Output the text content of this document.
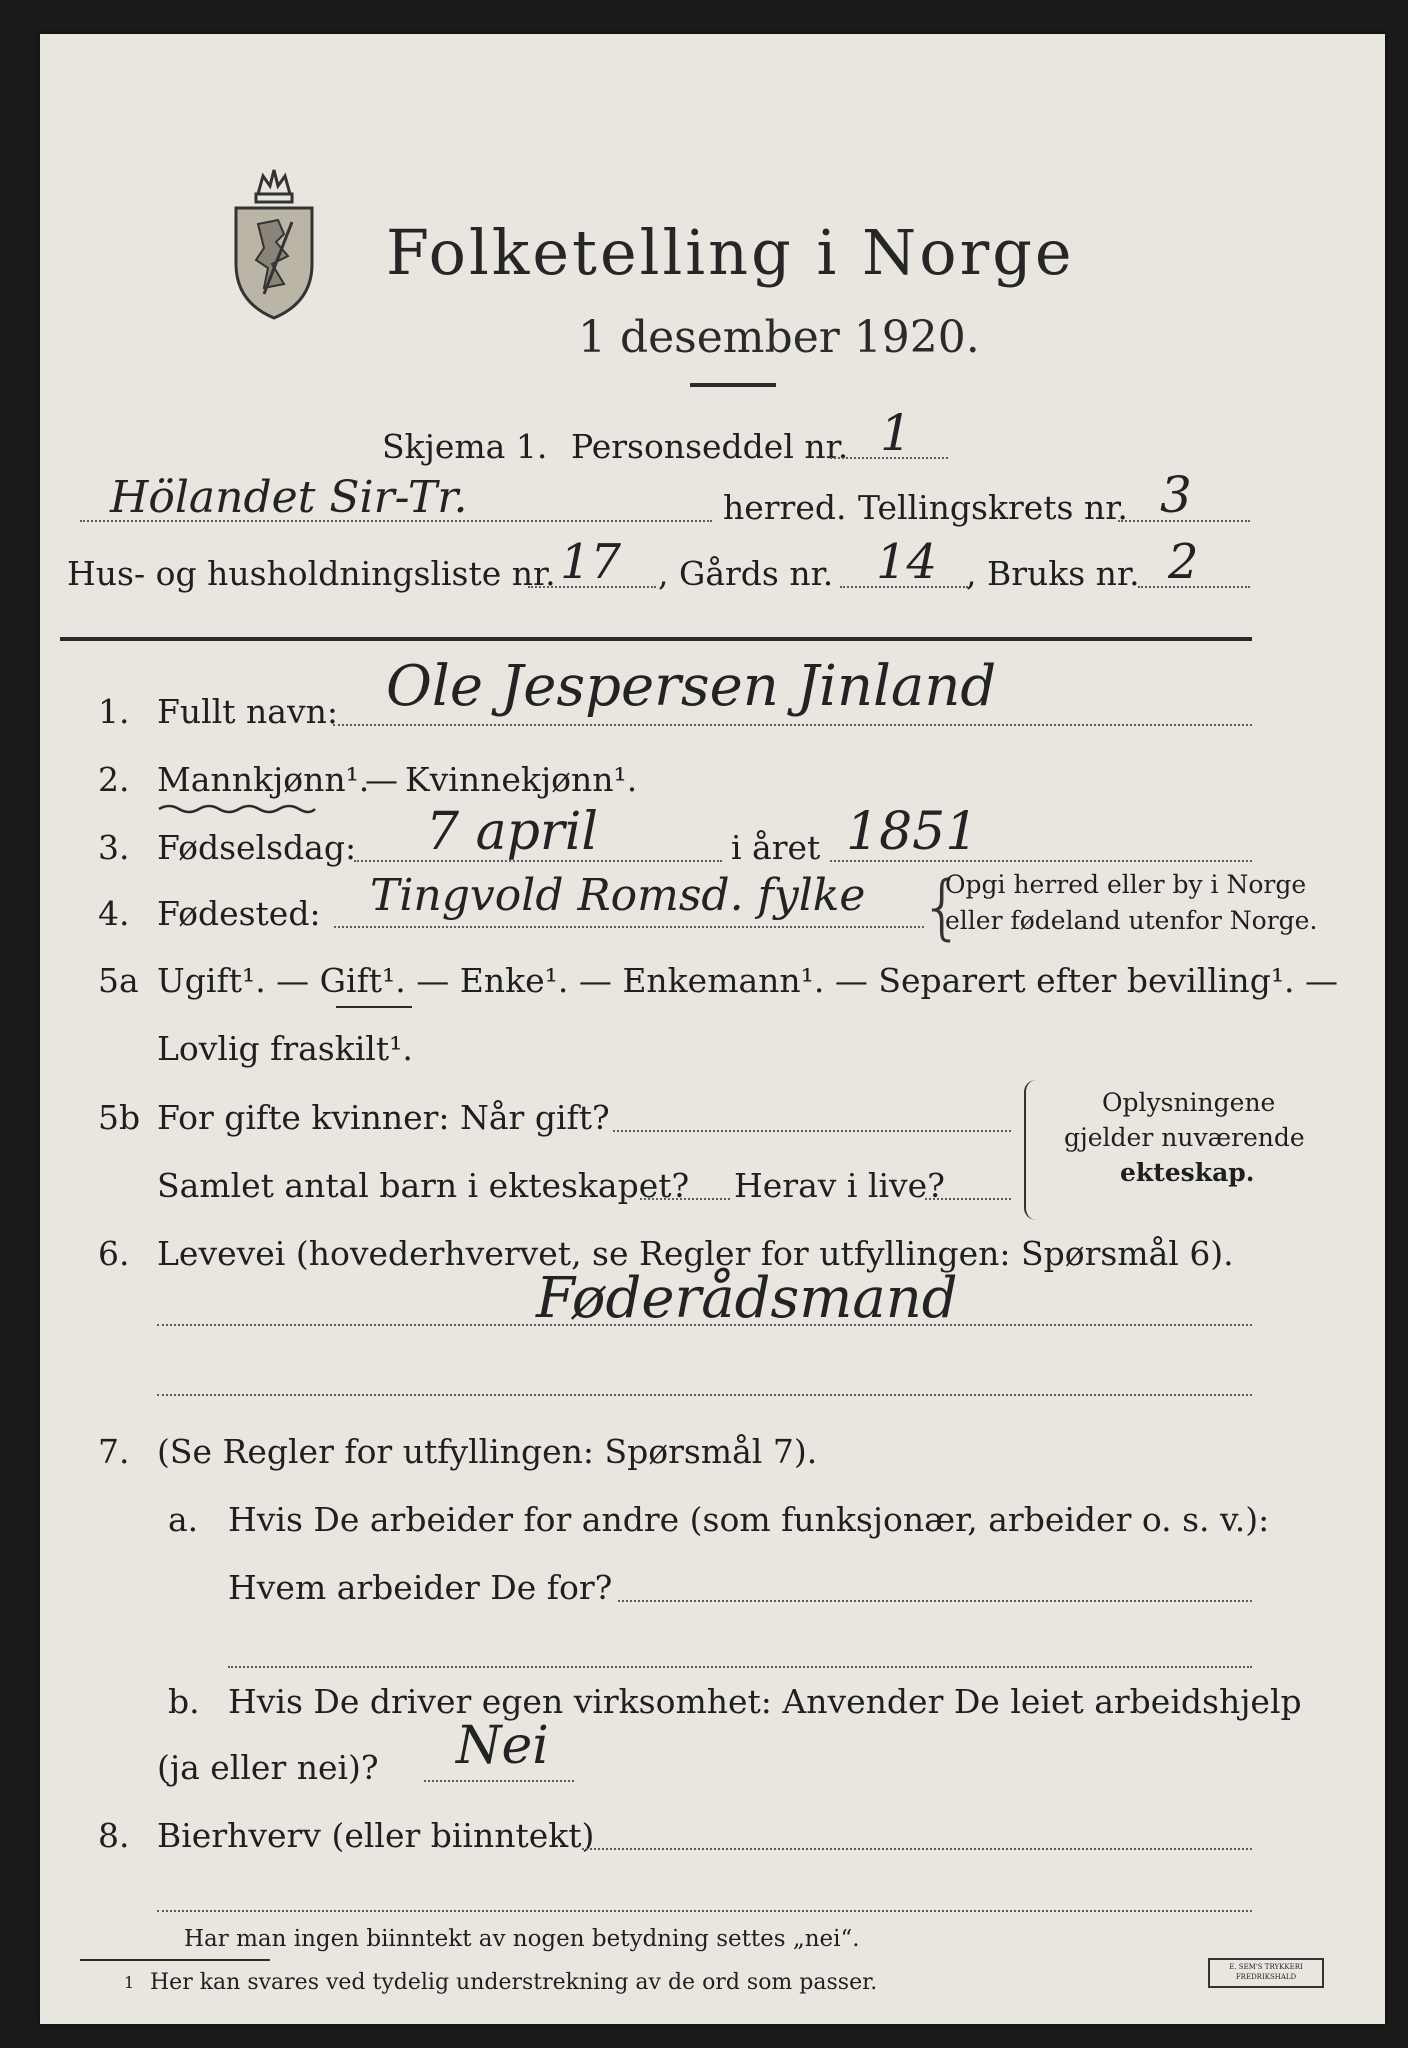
Folketelling i Norge
1 desember 1920.
Skjema 1. Personseddel nr. 1
Hölandet Sir-Tr.	herred. Tellingskrets nr. 3
Hus- og husholdningsliste nr. 17 , Gårds nr. 14 , Bruks nr. 2
1. Fullt navn: Ole Jespersen Jinland
2. Mannkjønn¹.
— Kvinnekjønn¹.
3. Fødselsdag: 7 april	i året 1851
4. Fødested: Tingvold Romsd. fylke {
Opgi herred eller by i Norge
eller fødeland utenfor Norge.
5a Ugift¹. — Gift¹. — Enke¹. — Enkemann¹. — Separert efter bevilling¹. —
Lovlig fraskilt¹.
5b For gifte kvinner: Når gift?
Samlet antal barn i ekteskapet? Herav i live?
Oplysningene
gjelder nuværende
ekteskap.
6. Levevei (hovederhvervet, se Regler for utfyllingen: Spørsmål 6).
Føderådsmand
7. (Se Regler for utfyllingen: Spørsmål 7).
a. Hvis De arbeider for andre (som funksjonær, arbeider o. s. v.):
Hvem arbeider De for?
b. Hvis De driver egen virksomhet: Anvender De leiet arbeidshjelp
(ja eller nei)? Nei
8. Bierhverv (eller biinntekt)
Har man ingen biinntekt av nogen betydning settes „nei“.
1 Her kan svares ved tydelig understrekning av de ord som passer.
E. SEM'S TRYKKERI FREDRIKSHALD
